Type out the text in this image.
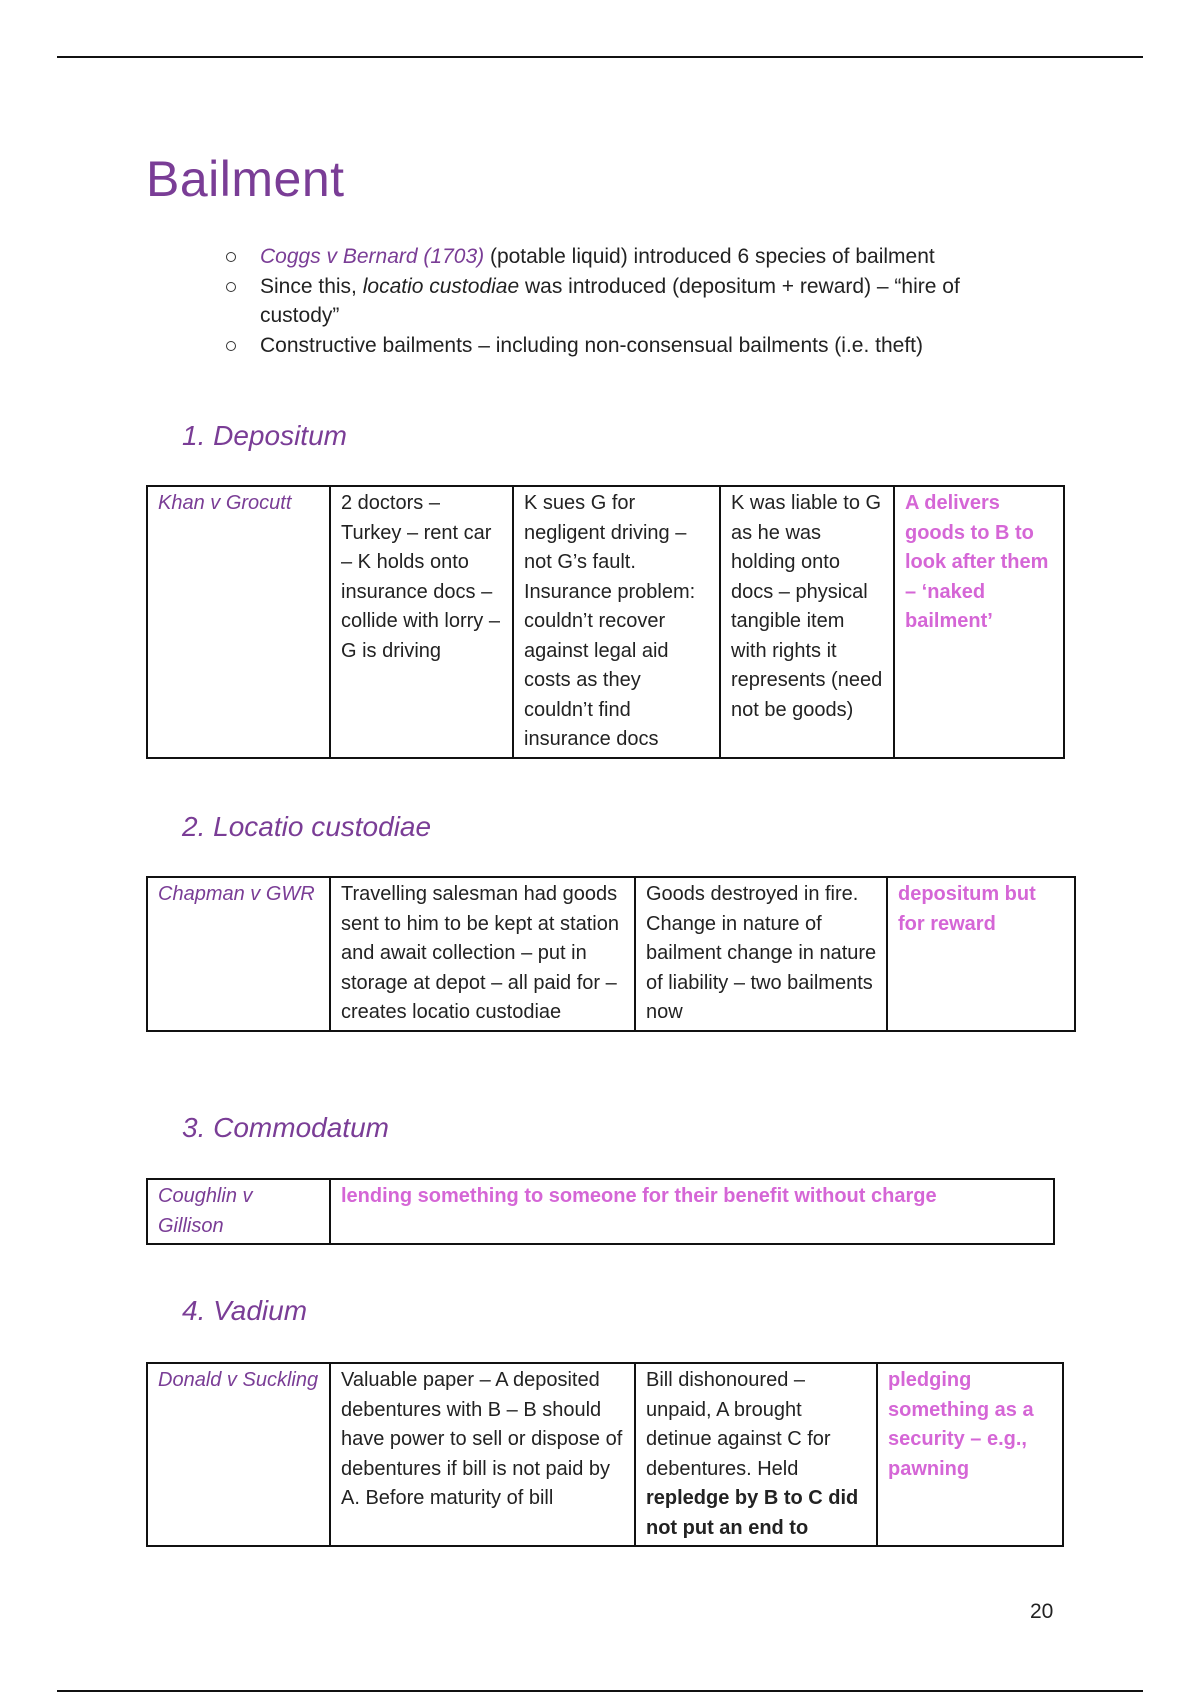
Bailment
Coggs v Bernard (1703) (potable liquid) introduced 6 species of bailment
Since this, locatio custodiae was introduced (depositum + reward) – “hire of custody”
Constructive bailments – including non-consensual bailments (i.e. theft)
1. Depositum
Khan v Grocutt	2 doctors – Turkey – rent car – K holds onto insurance docs – collide with lorry – G is driving	K sues G for negligent driving – not G’s fault. Insurance problem: couldn’t recover against legal aid costs as they couldn’t find insurance docs	K was liable to G as he was holding onto docs – physical tangible item with rights it represents (need not be goods)	A delivers goods to B to look after them – ‘naked bailment’
2. Locatio custodiae
Chapman v GWR	Travelling salesman had goods sent to him to be kept at station and await collection – put in storage at depot – all paid for – creates locatio custodiae	Goods destroyed in fire. Change in nature of bailment change in nature of liability – two bailments now	depositum but for reward
3. Commodatum
Coughlin v Gillison	lending something to someone for their benefit without charge
4. Vadium
Donald v Suckling	Valuable paper – A deposited debentures with B – B should have power to sell or dispose of debentures if bill is not paid by A. Before maturity of bill	Bill dishonoured – unpaid, A brought detinue against C for debentures. Held repledge by B to C did not put an end to	pledging something as a security – e.g., pawning
20
